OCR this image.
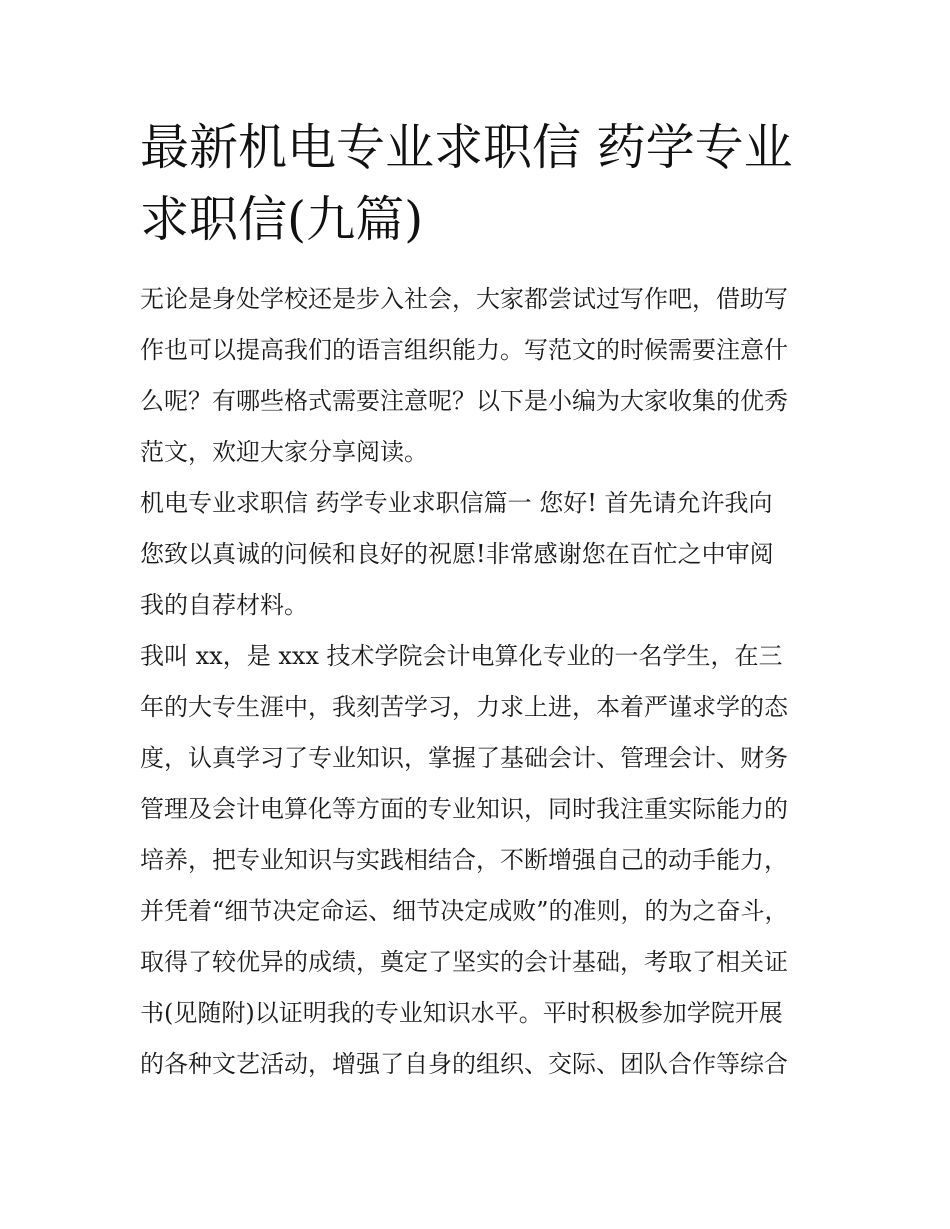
最新机电专业求职信 药学专业
求职信(九篇)
无论是身处学校还是步入社会，大家都尝试过写作吧，借助写
作也可以提高我们的语言组织能力。写范文的时候需要注意什
么呢？有哪些格式需要注意呢？以下是小编为大家收集的优秀
范文，欢迎大家分享阅读。
机电专业求职信 药学专业求职信篇一 您好! 首先请允许我向
您致以真诚的问候和良好的祝愿!非常感谢您在百忙之中审阅
我的自荐材料。
我叫 xx，是 xxx 技术学院会计电算化专业的一名学生，在三
年的大专生涯中，我刻苦学习，力求上进，本着严谨求学的态
度，认真学习了专业知识，掌握了基础会计、管理会计、财务
管理及会计电算化等方面的专业知识，同时我注重实际能力的
培养，把专业知识与实践相结合，不断增强自己的动手能力，
并凭着“细节决定命运、细节决定成败”的准则，的为之奋斗，
取得了较优异的成绩，奠定了坚实的会计基础，考取了相关证
书(见随附)以证明我的专业知识水平。平时积极参加学院开展
的各种文艺活动，增强了自身的组织、交际、团队合作等综合
